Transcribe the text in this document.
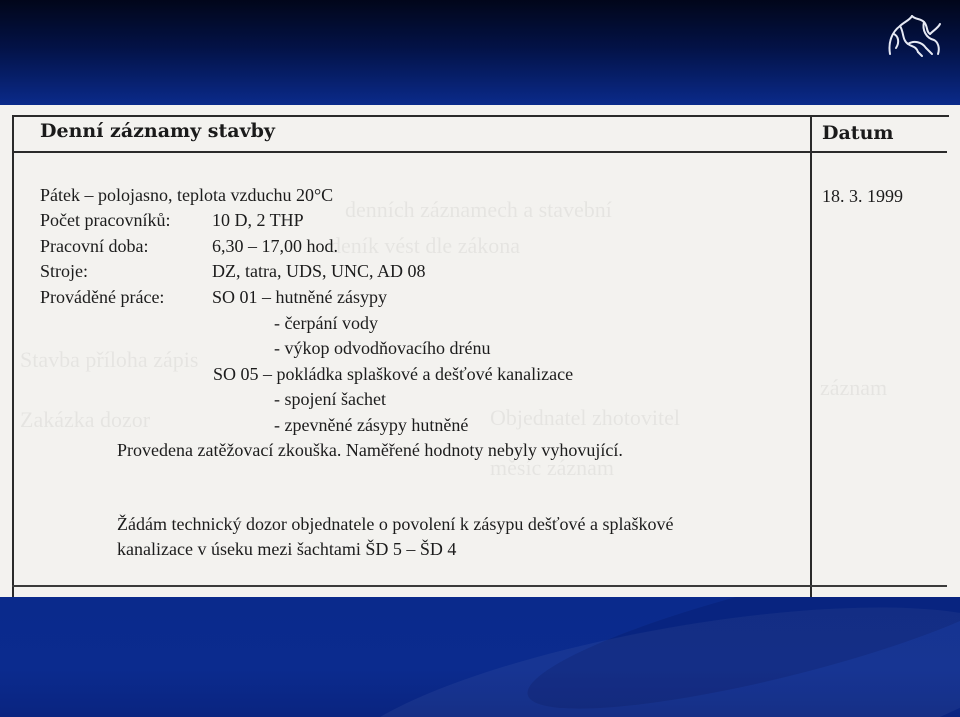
denních záznamech a stavební
deník vést dle zákona
Stavba příloha zápis
Zakázka dozor	Objednatel zhotovitel
měsíc záznam
záznam
Denní záznamy stavby	Datum
18. 3. 1999
Pátek – polojasno, teplota vzduchu 20°C
Počet pracovníků: 10 D, 2 THP
Pracovní doba:	6,30 – 17,00 hod.
Stroje:	DZ, tatra, UDS, UNC, AD 08
Prováděné práce:	SO 01 – hutněné zásypy
- čerpání vody
- výkop odvodňovacího drénu
SO 05 – pokládka splaškové a dešťové kanalizace
- spojení šachet
- zpevněné zásypy hutněné
Provedena zatěžovací zkouška. Naměřené hodnoty nebyly vyhovující.
Žádám technický dozor objednatele o povolení k zásypu dešťové a splaškové
kanalizace v úseku mezi šachtami ŠD 5 – ŠD 4
